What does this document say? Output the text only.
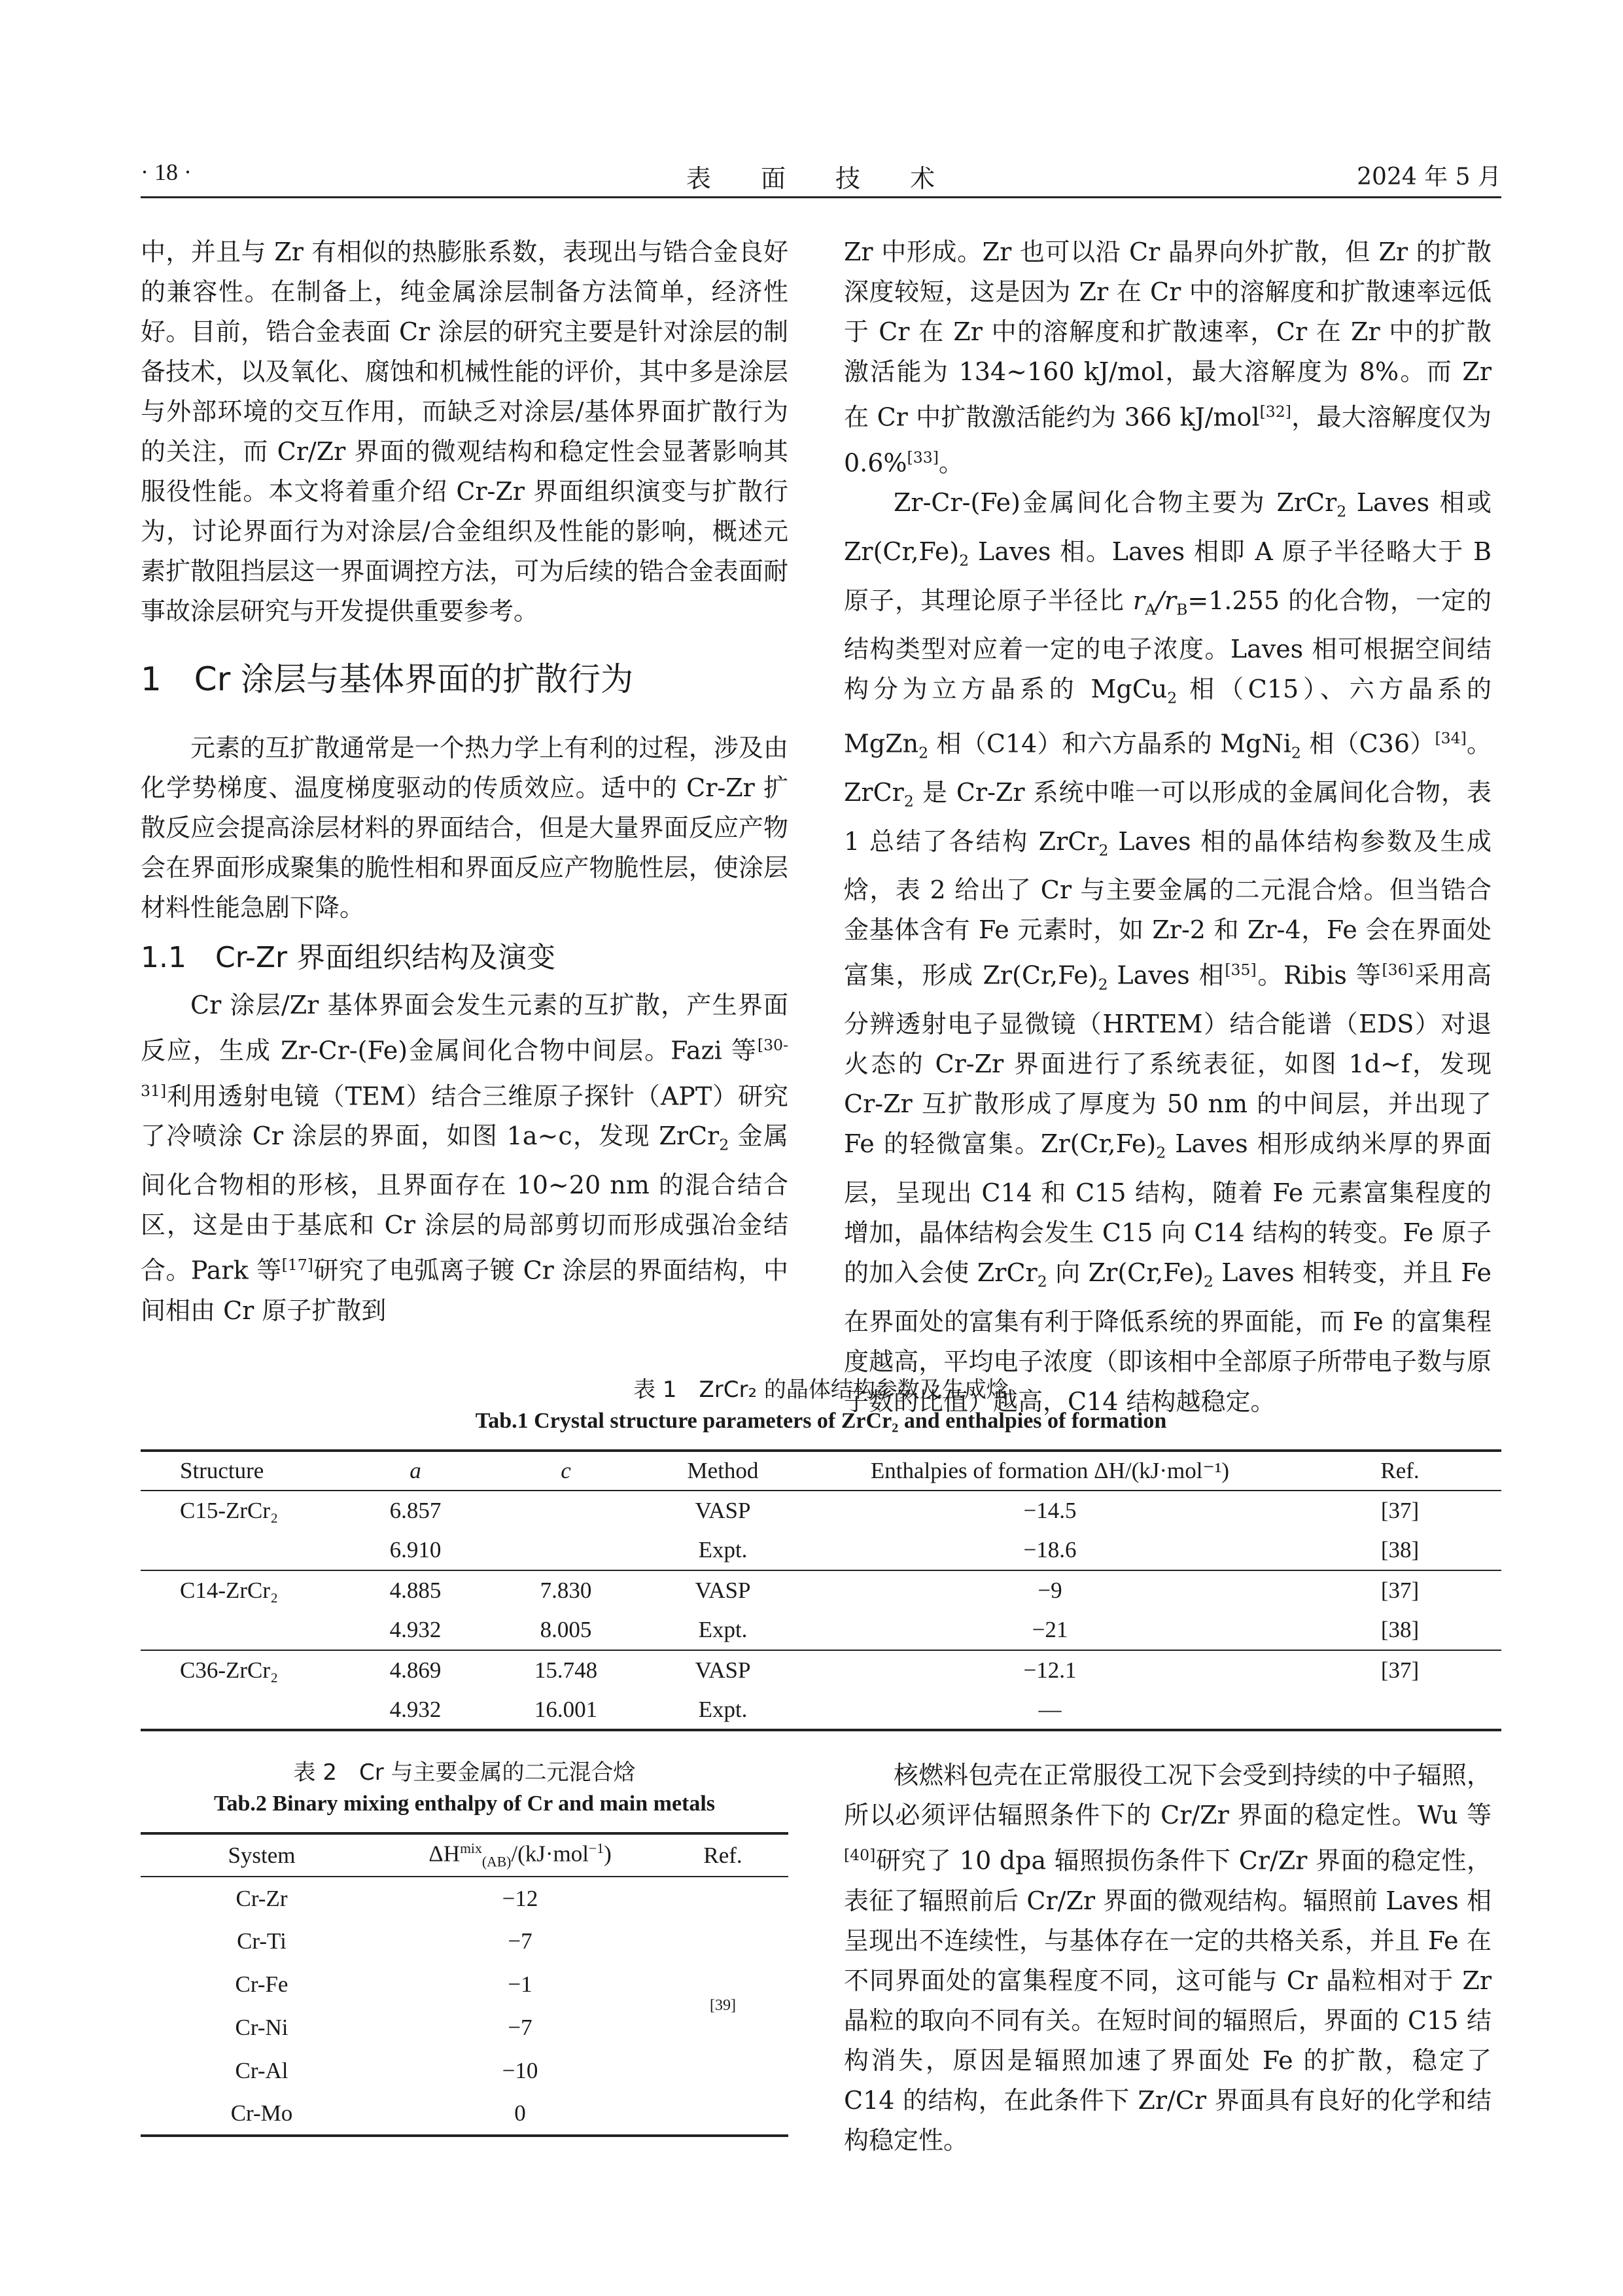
· 18 ·	表 面 技 术	2024 年 5 月

中，并且与 Zr 有相似的热膨胀系数，表现出与锆合金良好的兼容性。在制备上，纯金属涂层制备方法简单，经济性好。目前，锆合金表面 Cr 涂层的研究主要是针对涂层的制备技术，以及氧化、腐蚀和机械性能的评价，其中多是涂层与外部环境的交互作用，而缺乏对涂层/基体界面扩散行为的关注，而 Cr/Zr 界面的微观结构和稳定性会显著影响其服役性能。本文将着重介绍 Cr-Zr 界面组织演变与扩散行为，讨论界面行为对涂层/合金组织及性能的影响，概述元素扩散阻挡层这一界面调控方法，可为后续的锆合金表面耐事故涂层研究与开发提供重要参考。

1　Cr 涂层与基体界面的扩散行为

元素的互扩散通常是一个热力学上有利的过程，涉及由化学势梯度、温度梯度驱动的传质效应。适中的 Cr-Zr 扩散反应会提高涂层材料的界面结合，但是大量界面反应产物会在界面形成聚集的脆性相和界面反应产物脆性层，使涂层材料性能急剧下降。

1.1　Cr-Zr 界面组织结构及演变

Cr 涂层/Zr 基体界面会发生元素的互扩散，产生界面反应，生成 Zr-Cr-(Fe)金属间化合物中间层。Fazi 等[30-31]利用透射电镜（TEM）结合三维原子探针（APT）研究了冷喷涂 Cr 涂层的界面，如图 1a~c，发现 ZrCr$_2$ 金属间化合物相的形核，且界面存在 10~20 nm 的混合结合区，这是由于基底和 Cr 涂层的局部剪切而形成强冶金结合。Park 等[17]研究了电弧离子镀 Cr 涂层的界面结构，中间相由 Cr 原子扩散到

Zr 中形成。Zr 也可以沿 Cr 晶界向外扩散，但 Zr 的扩散深度较短，这是因为 Zr 在 Cr 中的溶解度和扩散速率远低于 Cr 在 Zr 中的溶解度和扩散速率，Cr 在 Zr 中的扩散激活能为 134~160 kJ/mol，最大溶解度为 8%。而 Zr 在 Cr 中扩散激活能约为 366 kJ/mol[32]，最大溶解度仅为 0.6%[33]。

Zr-Cr-(Fe)金属间化合物主要为 ZrCr$_2$ Laves 相或 $Zr(Cr,Fe)_2$ Laves 相。Laves 相即 A 原子半径略大于 B 原子，其理论原子半径比 $r_A/r_B=1.255$ 的化合物，一定的结构类型对应着一定的电子浓度。Laves 相可根据空间结构分为立方晶系的 MgCu$_2$ 相（C15）、六方晶系的 MgZn$_2$ 相（C14）和六方晶系的 MgNi$_2$ 相（C36）[34]。ZrCr$_2$ 是 Cr-Zr 系统中唯一可以形成的金属间化合物，表 1 总结了各结构 ZrCr$_2$ Laves 相的晶体结构参数及生成焓，表 2 给出了 Cr 与主要金属的二元混合焓。但当锆合金基体含有 Fe 元素时，如 Zr-2 和 Zr-4，Fe 会在界面处富集，形成 $Zr(Cr,Fe)_2$ Laves 相[35]。Ribis 等[36]采用高分辨透射电子显微镜（HRTEM）结合能谱（EDS）对退火态的 Cr-Zr 界面进行了系统表征，如图 1d~f，发现 Cr-Zr 互扩散形成了厚度为 50 nm 的中间层，并出现了 Fe 的轻微富集。$Zr(Cr,Fe)_2$ Laves 相形成纳米厚的界面层，呈现出 C14 和 C15 结构，随着 Fe 元素富集程度的增加，晶体结构会发生 C15 向 C14 结构的转变。Fe 原子的加入会使 ZrCr$_2$ 向 $Zr(Cr,Fe)_2$ Laves 相转变，并且 Fe 在界面处的富集有利于降低系统的界面能，而 Fe 的富集程度越高，平均电子浓度（即该相中全部原子所带电子数与原子数的比值）越高，C14 结构越稳定。

表 1　ZrCr₂ 的晶体结构参数及生成焓
Tab.1 Crystal structure parameters of ZrCr₂ and enthalpies of formation
Structure	a	c	Method	Enthalpies of formation ΔH/(kJ·mol⁻¹)	Ref.
C15-ZrCr₂	6.857		VASP	−14.5	[37]
	6.910		Expt.	−18.6	[38]
C14-ZrCr₂	4.885	7.830	VASP	−9	[37]
	4.932	8.005	Expt.	−21	[38]
C36-ZrCr₂	4.869	15.748	VASP	−12.1	[37]
	4.932	16.001	Expt.	—	
表 2　Cr 与主要金属的二元混合焓
Tab.2 Binary mixing enthalpy of Cr and main metals
System	$\Delta H^{mix}_{(AB)}/(kJ\cdot mol^{-1})$	Ref.
Cr-Zr	−12	[39]
Cr-Ti	−7	
Cr-Fe	−1	
Cr-Ni	−7	
Cr-Al	−10	
Cr-Mo	0	

核燃料包壳在正常服役工况下会受到持续的中子辐照，所以必须评估辐照条件下的 Cr/Zr 界面的稳定性。Wu 等[40]研究了 10 dpa 辐照损伤条件下 Cr/Zr 界面的稳定性，表征了辐照前后 Cr/Zr 界面的微观结构。辐照前 Laves 相呈现出不连续性，与基体存在一定的共格关系，并且 Fe 在不同界面处的富集程度不同，这可能与 Cr 晶粒相对于 Zr 晶粒的取向不同有关。在短时间的辐照后，界面的 C15 结构消失，原因是辐照加速了界面处 Fe 的扩散，稳定了 C14 的结构，在此条件下 Zr/Cr 界面具有良好的化学和结构稳定性。
